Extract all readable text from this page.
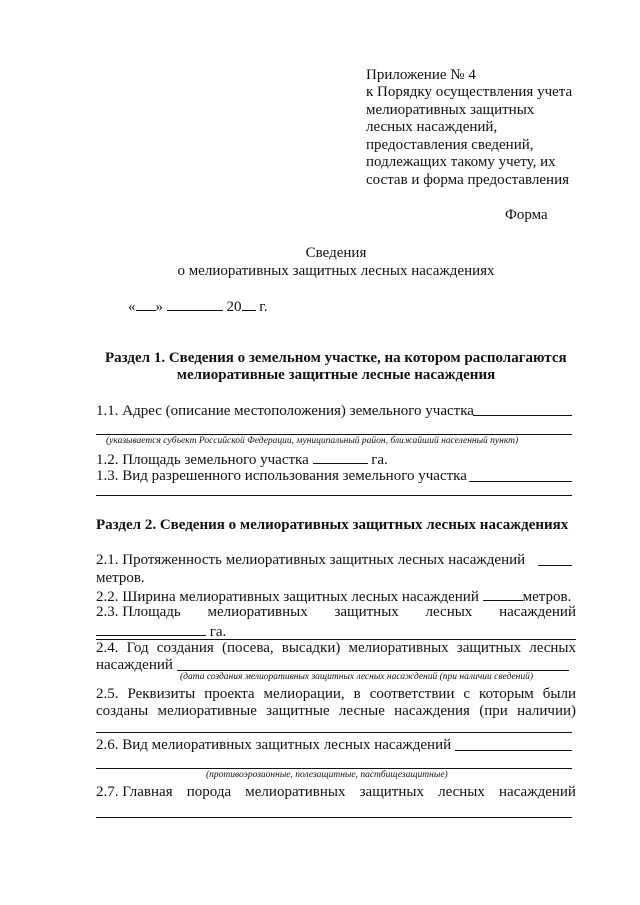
Приложение № 4
к Порядку осуществления учета
мелиоративных защитных
лесных насаждений,
предоставления сведений,
подлежащих такому учету, их
состав и форма предоставления
Форма
Сведения
о мелиоративных защитных лесных насаждениях
« »	20 г.
Раздел 1. Сведения о земельном участке, на котором располагаются
мелиоративные защитные лесные насаждения
1.1. Адрес (описание местоположения) земельного участка
(указывается субъект Российской Федерации, муниципальный район, ближайший населенный пункт)
1.2. Площадь земельного участка	га.
1.3. Вид разрешенного использования земельного участка
Раздел 2. Сведения о мелиоративных защитных лесных насаждениях
2.1. Протяженность мелиоративных защитных лесных насаждений
метров.
2.2. Ширина мелиоративных защитных лесных насаждений	метров.
2.3. Площадь мелиоративных защитных лесных насаждений
га.
2.4. Год создания (посева, высадки) мелиоративных защитных лесных
насаждений
(дата создания мелиоративных защитных лесных насаждений (при наличии сведений)
2.5. Реквизиты проекта мелиорации, в соответствии с которым были
созданы мелиоративные защитные лесные насаждения (при наличии)
2.6. Вид мелиоративных защитных лесных насаждений
(противоэрозионные, полезащитные, пастбищезащитные)
2.7. Главная порода мелиоративных защитных лесных насаждений
